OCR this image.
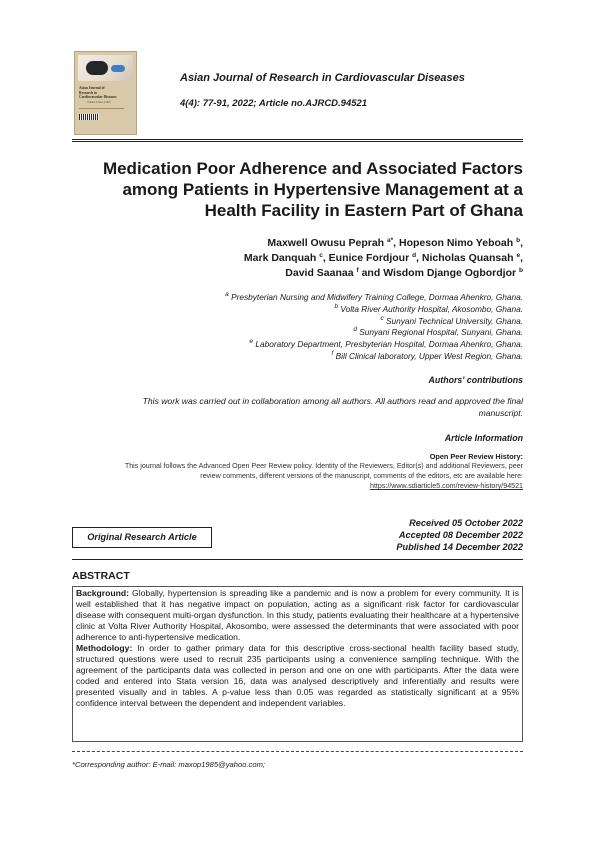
Asian Journal of
Research in
Cardiovascular Diseases
Volume 4 Issue 4 2022
Asian Journal of Research in Cardiovascular Diseases
4(4): 77-91, 2022; Article no.AJRCD.94521
Medication Poor Adherence and Associated Factors
among Patients in Hypertensive Management at a
Health Facility in Eastern Part of Ghana
Maxwell Owusu Peprah $^{a*}$, Hopeson Nimo Yeboah $^b$,
Mark Danquah $^c$, Eunice Fordjour $^d$, Nicholas Quansah $^e$,
David Saanaa $^f$ and Wisdom Djange Ogbordjor $^b$
$^a$ Presbyterian Nursing and Midwifery Training College, Dormaa Ahenkro, Ghana.
$^b$ Volta River Authority Hospital, Akosombo, Ghana.
$^c$ Sunyani Technical University, Ghana.
$^d$ Sunyani Regional Hospital, Sunyani, Ghana.
$^e$ Laboratory Department, Presbyterian Hospital, Dormaa Ahenkro, Ghana.
$^f$ Bill Clinical laboratory, Upper West Region, Ghana.
Authors' contributions
This work was carried out in collaboration among all authors. All authors read and approved the final
manuscript.
Article Information
Open Peer Review History:
This journal follows the Advanced Open Peer Review policy. Identity of the Reviewers, Editor(s) and additional Reviewers, peer
review comments, different versions of the manuscript, comments of the editors, etc are available here:
https://www.sdiarticle5.com/review-history/94521
Original Research Article
Received 05 October 2022
Accepted 08 December 2022
Published 14 December 2022
ABSTRACT

Background: Globally, hypertension is spreading like a pandemic and is now a problem for every community. It is well established that it has negative impact on population, acting as a significant risk factor for cardiovascular disease with consequent multi-organ dysfunction. In this study, patients evaluating their healthcare at a hypertensive clinic at Volta River Authority Hospital, Akosombo, were assessed the determinants that were associated with poor adherence to anti-hypertensive medication.

Methodology: In order to gather primary data for this descriptive cross-sectional health facility based study, structured questions were used to recruit 235 participants using a convenience sampling technique. With the agreement of the participants data was collected in person and one on one with participants. After the data were coded and entered into Stata version 16, data was analysed descriptively and inferentially and results were presented visually and in tables. A p-value less than 0.05 was regarded as statistically significant at a 95% confidence interval between the dependent and independent variables.

*Corresponding author: E-mail: maxop1985@yahoo.com;
